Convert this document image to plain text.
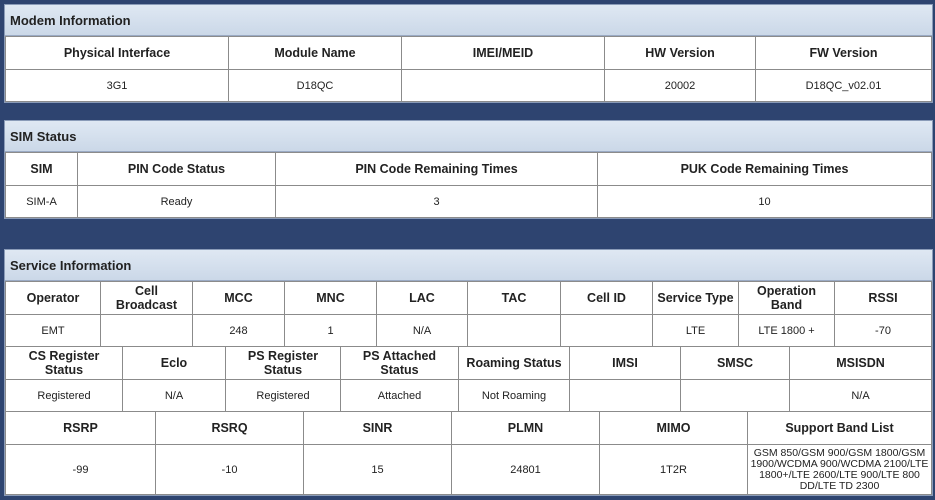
Modem Information
Physical Interface	Module Name	IMEI/MEID	HW Version	FW Version
3G1	D18QC		20002	D18QC_v02.01
SIM Status
SIM	PIN Code Status	PIN Code Remaining Times	PUK Code Remaining Times
SIM-A	Ready	3	10
Service Information
Operator	Cell Broadcast	MCC	MNC	LAC	TAC	Cell ID	Service Type	Operation Band	RSSI
EMT		248	1	N/A			LTE	LTE 1800 +	-70
CS Register Status	Eclo	PS Register Status	PS Attached Status	Roaming Status	IMSI	SMSC	MSISDN
Registered	N/A	Registered	Attached	Not Roaming			N/A
RSRP	RSRQ	SINR	PLMN	MIMO	Support Band List
-99	-10	15	24801	1T2R	GSM 850/GSM 900/GSM 1800/GSM 1900/WCDMA 900/WCDMA 2100/LTE 1800+/LTE 2600/LTE 900/LTE 800 DD/LTE TD 2300
